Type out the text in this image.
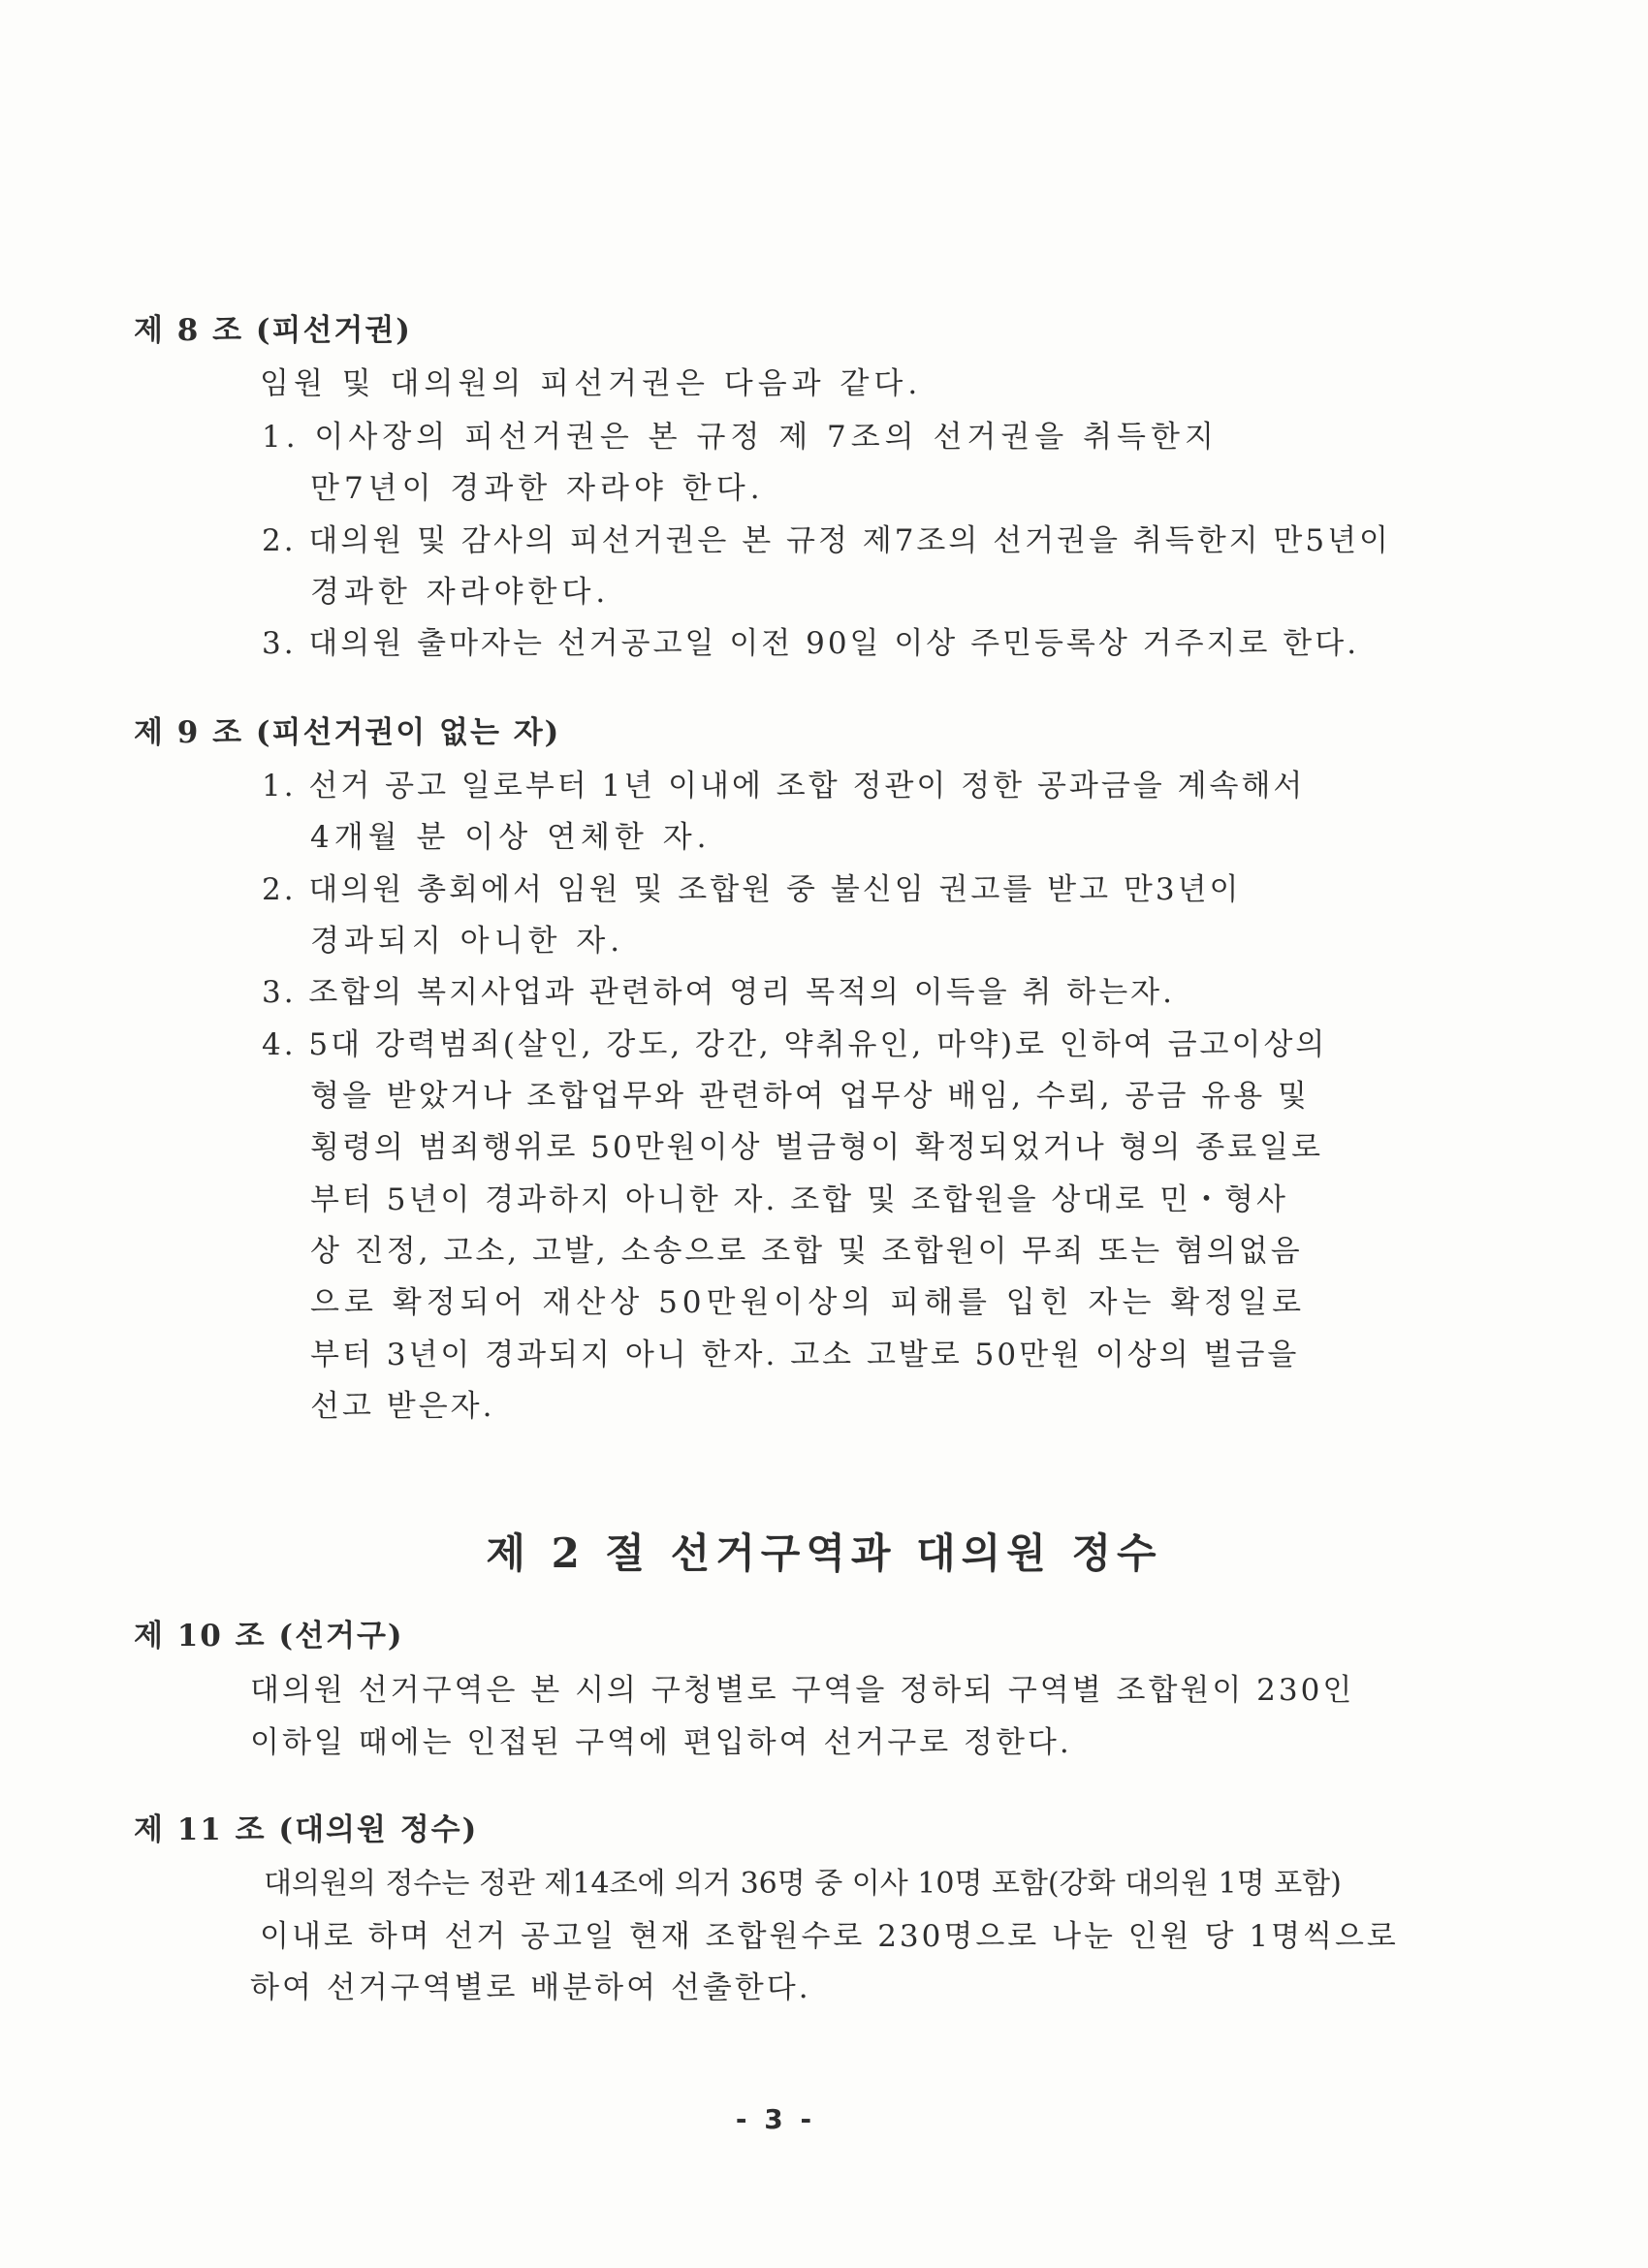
제 8 조 (피선거권)
임원 및 대의원의 피선거권은 다음과 같다.
1. 이사장의 피선거권은 본 규정 제 7조의 선거권을 취득한지
만7년이 경과한 자라야 한다.
2. 대의원 및 감사의 피선거권은 본 규정 제7조의 선거권을 취득한지 만5년이
경과한 자라야한다.
3. 대의원 출마자는 선거공고일 이전 90일 이상 주민등록상 거주지로 한다.
제 9 조 (피선거권이 없는 자)
1. 선거 공고 일로부터 1년 이내에 조합 정관이 정한 공과금을 계속해서
4개월 분 이상 연체한 자.
2. 대의원 총회에서 임원 및 조합원 중 불신임 권고를 받고 만3년이
경과되지 아니한 자.
3. 조합의 복지사업과 관련하여 영리 목적의 이득을 취 하는자.
4. 5대 강력범죄(살인, 강도, 강간, 약취유인, 마약)로 인하여 금고이상의
형을 받았거나 조합업무와 관련하여 업무상 배임, 수뢰, 공금 유용 및
횡령의 범죄행위로 50만원이상 벌금형이 확정되었거나 형의 종료일로
부터 5년이 경과하지 아니한 자. 조합 및 조합원을 상대로 민・형사
상 진정, 고소, 고발, 소송으로 조합 및 조합원이 무죄 또는 혐의없음
으로 확정되어 재산상 50만원이상의 피해를 입힌 자는 확정일로
부터 3년이 경과되지 아니 한자. 고소 고발로 50만원 이상의 벌금을
선고 받은자.
제 2 절 선거구역과 대의원 정수
제 10 조 (선거구)
대의원 선거구역은 본 시의 구청별로 구역을 정하되 구역별 조합원이 230인
이하일 때에는 인접된 구역에 편입하여 선거구로 정한다.
제 11 조 (대의원 정수)
대의원의 정수는 정관 제14조에 의거 36명 중 이사 10명 포함(강화 대의원 1명 포함)
이내로 하며 선거 공고일 현재 조합원수로 230명으로 나눈 인원 당 1명씩으로
하여 선거구역별로 배분하여 선출한다.
- 3 -
